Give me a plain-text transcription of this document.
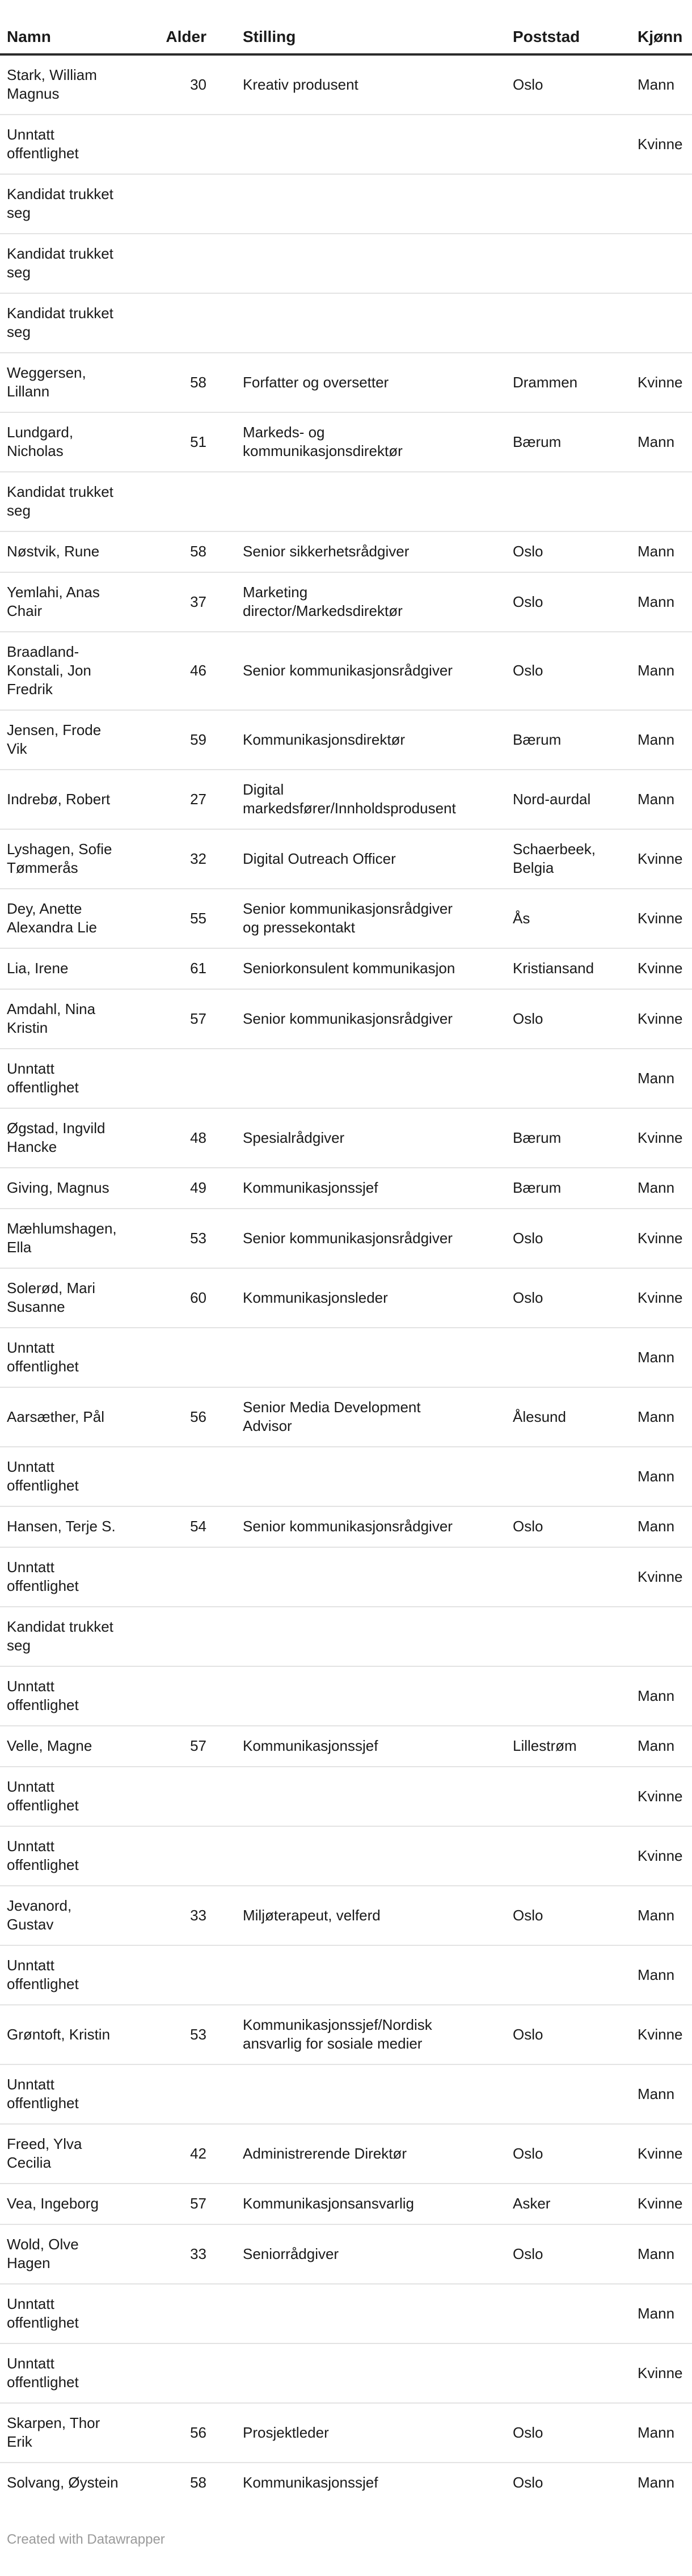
Namn	Alder	Stilling	Poststad	Kjønn
Stark, William Magnus	30	Kreativ produsent	Oslo	Mann
Unntatt offentlighet				Kvinne
Kandidat trukket seg				
Kandidat trukket seg				
Kandidat trukket seg				
Weggersen, Lillann	58	Forfatter og oversetter	Drammen	Kvinne
Lundgard, Nicholas	51	Markeds- og kommunikasjonsdirektør	Bærum	Mann
Kandidat trukket seg				
Nøstvik, Rune	58	Senior sikkerhetsrådgiver	Oslo	Mann
Yemlahi, Anas Chair	37	Marketing director/Markedsdirektør	Oslo	Mann
Braadland-Konstali, Jon Fredrik	46	Senior kommunikasjonsrådgiver	Oslo	Mann
Jensen, Frode Vik	59	Kommunikasjonsdirektør	Bærum	Mann
Indrebø, Robert	27	Digital markedsfører/Innholdsprodusent	Nord-aurdal	Mann
Lyshagen, Sofie Tømmerås	32	Digital Outreach Officer	Schaerbeek, Belgia	Kvinne
Dey, Anette Alexandra Lie	55	Senior kommunikasjonsrådgiver og pressekontakt	Ås	Kvinne
Lia, Irene	61	Seniorkonsulent kommunikasjon	Kristiansand	Kvinne
Amdahl, Nina Kristin	57	Senior kommunikasjonsrådgiver	Oslo	Kvinne
Unntatt offentlighet				Mann
Øgstad, Ingvild Hancke	48	Spesialrådgiver	Bærum	Kvinne
Giving, Magnus	49	Kommunikasjonssjef	Bærum	Mann
Mæhlumshagen, Ella	53	Senior kommunikasjonsrådgiver	Oslo	Kvinne
Solerød, Mari Susanne	60	Kommunikasjonsleder	Oslo	Kvinne
Unntatt offentlighet				Mann
Aarsæther, Pål	56	Senior Media Development Advisor	Ålesund	Mann
Unntatt offentlighet				Mann
Hansen, Terje S.	54	Senior kommunikasjonsrådgiver	Oslo	Mann
Unntatt offentlighet				Kvinne
Kandidat trukket seg				
Unntatt offentlighet				Mann
Velle, Magne	57	Kommunikasjonssjef	Lillestrøm	Mann
Unntatt offentlighet				Kvinne
Unntatt offentlighet				Kvinne
Jevanord, Gustav	33	Miljøterapeut, velferd	Oslo	Mann
Unntatt offentlighet				Mann
Grøntoft, Kristin	53	Kommunikasjonssjef/Nordisk ansvarlig for sosiale medier	Oslo	Kvinne
Unntatt offentlighet				Mann
Freed, Ylva Cecilia	42	Administrerende Direktør	Oslo	Kvinne
Vea, Ingeborg	57	Kommunikasjonsansvarlig	Asker	Kvinne
Wold, Olve Hagen	33	Seniorrådgiver	Oslo	Mann
Unntatt offentlighet				Mann
Unntatt offentlighet				Kvinne
Skarpen, Thor Erik	56	Prosjektleder	Oslo	Mann
Solvang, Øystein	58	Kommunikasjonssjef	Oslo	Mann
Created with Datawrapper
